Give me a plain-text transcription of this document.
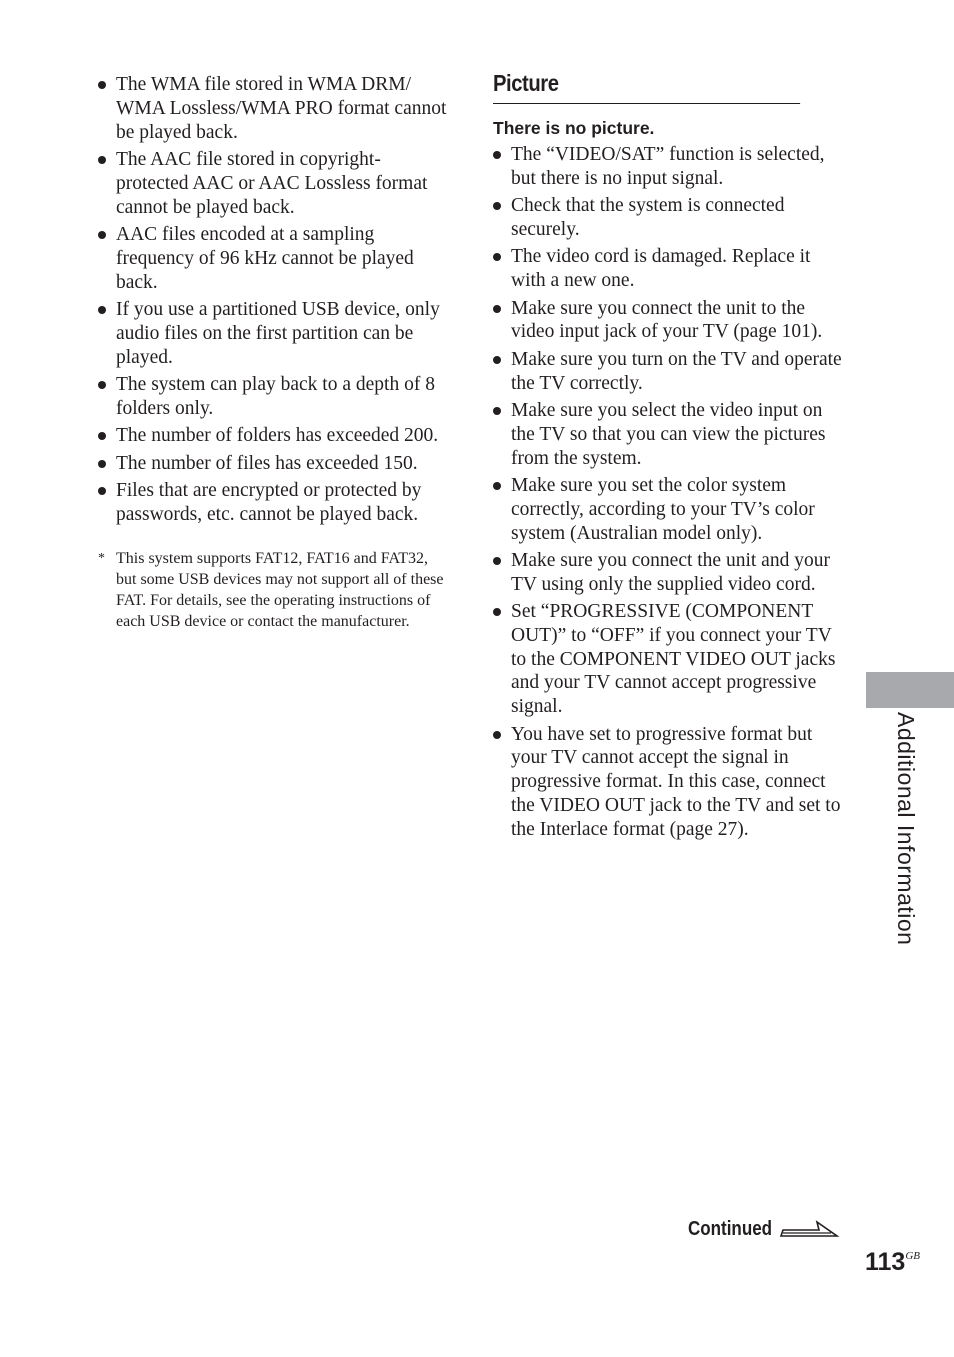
The WMA file stored in WMA DRM/ WMA Lossless/WMA PRO format cannot be played back.
The AAC file stored in copyright-protected AAC or AAC Lossless format cannot be played back.
AAC files encoded at a sampling frequency of 96 kHz cannot be played back.
If you use a partitioned USB device, only audio files on the first partition can be played.
The system can play back to a depth of 8 folders only.
The number of folders has exceeded 200.
The number of files has exceeded 150.
Files that are encrypted or protected by passwords, etc. cannot be played back.
* This system supports FAT12, FAT16 and FAT32, but some USB devices may not support all of these FAT. For details, see the operating instructions of each USB device or contact the manufacturer.
Picture
There is no picture.
The “VIDEO/SAT” function is selected, but there is no input signal.
Check that the system is connected securely.
The video cord is damaged. Replace it with a new one.
Make sure you connect the unit to the video input jack of your TV (page 101).
Make sure you turn on the TV and operate the TV correctly.
Make sure you select the video input on the TV so that you can view the pictures from the system.
Make sure you set the color system correctly, according to your TV’s color system (Australian model only).
Make sure you connect the unit and your TV using only the supplied video cord.
Set “PROGRESSIVE (COMPONENT OUT)” to “OFF” if you connect your TV to the COMPONENT VIDEO OUT jacks and your TV cannot accept progressive signal.
You have set to progressive format but your TV cannot accept the signal in progressive format. In this case, connect the VIDEO OUT jack to the TV and set to the Interlace format (page 27).	Additional Information
Continued
$113^{GB}$
